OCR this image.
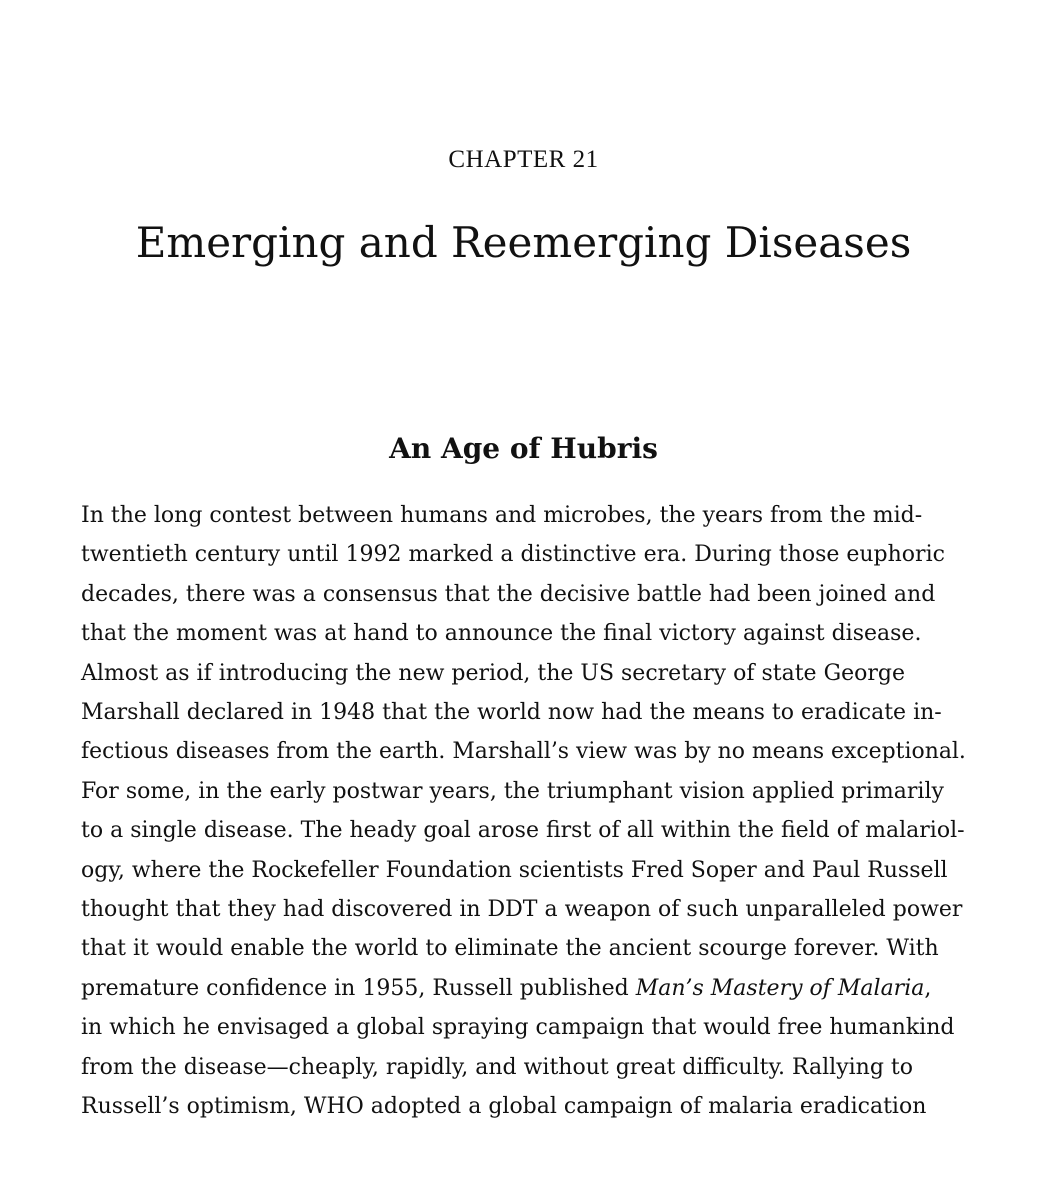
CHAPTER 21
Emerging and Reemerging Diseases
An Age of Hubris
In the long contest between humans and microbes, the years from the mid-
twentieth century until 1992 marked a distinctive era. During those euphoric
decades, there was a consensus that the decisive battle had been joined and
that the moment was at hand to announce the final victory against disease.
Almost as if introducing the new period, the US secretary of state George
Marshall declared in 1948 that the world now had the means to eradicate in-
fectious diseases from the earth. Marshall’s view was by no means exceptional.
For some, in the early postwar years, the triumphant vision applied primarily
to a single disease. The heady goal arose first of all within the field of malariol-
ogy, where the Rockefeller Foundation scientists Fred Soper and Paul Russell
thought that they had discovered in DDT a weapon of such unparalleled power
that it would enable the world to eliminate the ancient scourge forever. With
premature confidence in 1955, Russell published Man’s Mastery of Malaria,
in which he envisaged a global spraying campaign that would free humankind
from the disease—cheaply, rapidly, and without great difficulty. Rallying to
Russell’s optimism, WHO adopted a global campaign of malaria eradication
